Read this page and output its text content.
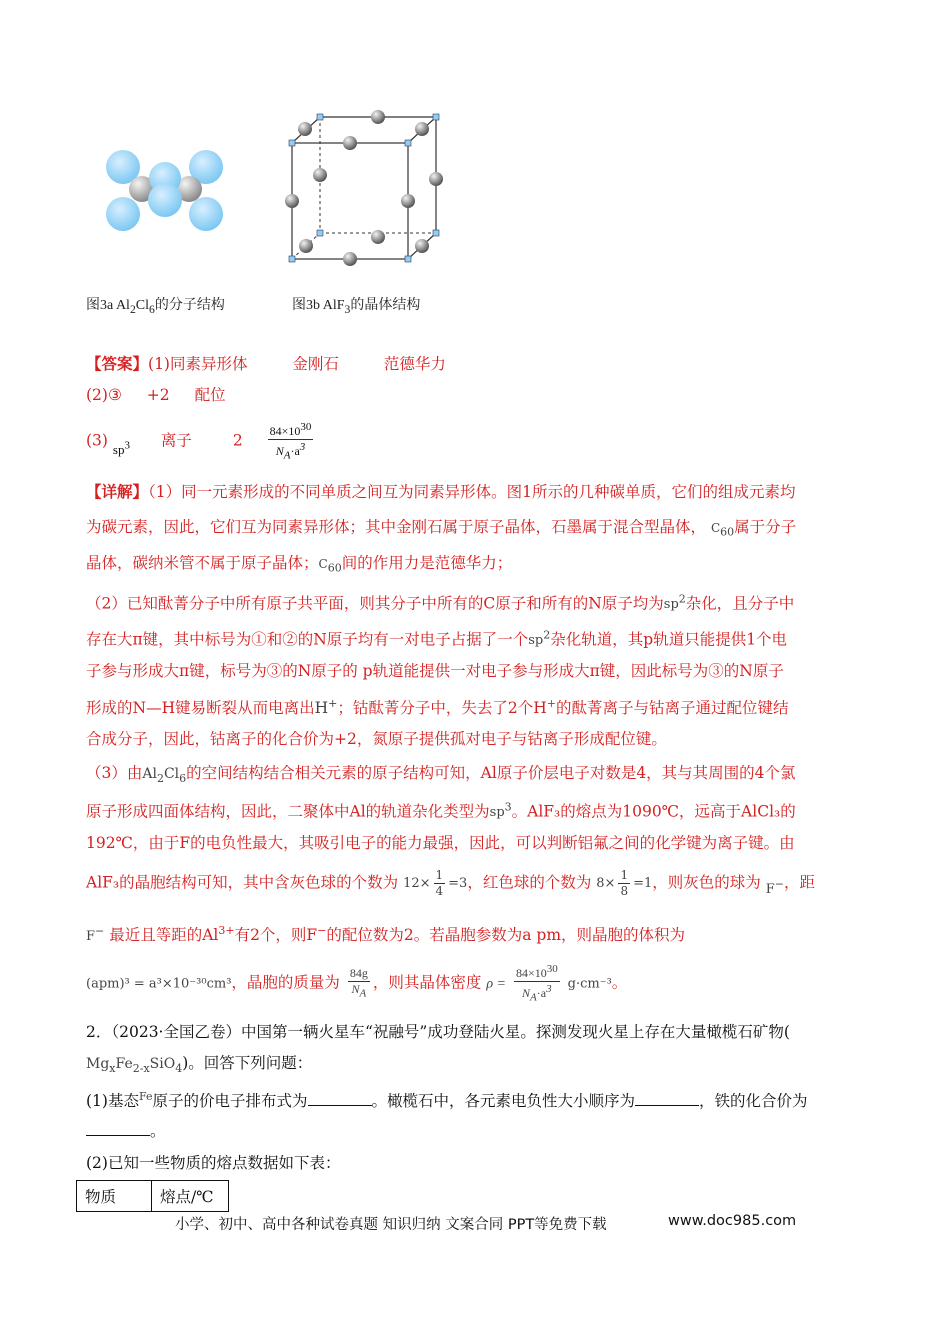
图3a $Al_2Cl_6$的分子结构	图3b AlF$_3$的晶体结构
【答案】(1)同素异形体	金刚石	范德华力
(2)③ +2 配位
(3) $_{sp^3}$ 离子	$2 \frac{84\times 10^{30}}{N_A\cdot a^3}$
【详解】（1）同一元素形成的不同单质之间互为同素异形体。图1所示的几种碳单质，它们的组成元素均
为碳元素，因此，它们互为同素异形体；其中金刚石属于原子晶体，石墨属于混合型晶体， $C_{60}$属于分子
晶体，碳纳米管不属于原子晶体；$C_{60}$间的作用力是范德华力；
（2）已知酞菁分子中所有原子共平面，则其分子中所有的C原子和所有的N原子均为$sp^2$杂化，且分子中
存在大π键，其中标号为①和②的N原子均有一对电子占据了一个$sp^2$杂化轨道，其p轨道只能提供1个电
子参与形成大π键，标号为③的N原子的 p轨道能提供一对电子参与形成大π键，因此标号为③的N原子
形成的N—H键易断裂从而电离出H+；钴酞菁分子中，失去了2个H+的酞菁离子与钴离子通过配位键结
合成分子，因此，钴离子的化合价为+2，氮原子提供孤对电子与钴离子形成配位键。
（3）由$Al_2Cl_6$的空间结构结合相关元素的原子结构可知，Al原子价层电子对数是4，其与其周围的4个氯
原子形成四面体结构，因此，二聚体中Al的轨道杂化类型为$sp^3$。AlF₃的熔点为1090℃，远高于AlCl₃的
192℃，由于F的电负性最大，其吸引电子的能力最强，因此，可以判断铝氟之间的化学键为离子键。由
AlF₃的晶胞结构可知，其中含灰色球的个数为 $12\times \frac{1}{4} =3$，红色球的个数为 $8\times \frac{1}{8} =1$，则灰色的球为 $_{F^-}$，距
F− 最近且等距的$Al^{3+}$有2个，则F−的配位数为2。若晶胞参数为a pm，则晶胞的体积为
(apm)³ = a³×10⁻³⁰cm³，晶胞的质量为 $\frac{84g}{N_A}$ ，则其晶体密度 $\rho = \frac{84\times 10^{30}}{N_A\cdot a^3} g\cdot cm^{-3}$。
2．（2023·全国乙卷）中国第一辆火星车“祝融号”成功登陆火星。探测发现火星上存在大量橄榄石矿物(
$Mg_xFe_{2-x}SiO_4$)。回答下列问题：
(1)基态$^{Fe}$原子的价电子排布式为	。橄榄石中，各元素电负性大小顺序为	，铁的化合价为
。
(2)已知一些物质的熔点数据如下表：
物质	熔点/℃
小学、初中、高中各种试卷真题 知识归纳 文案合同 PPT等免费下载	www.doc985.com
